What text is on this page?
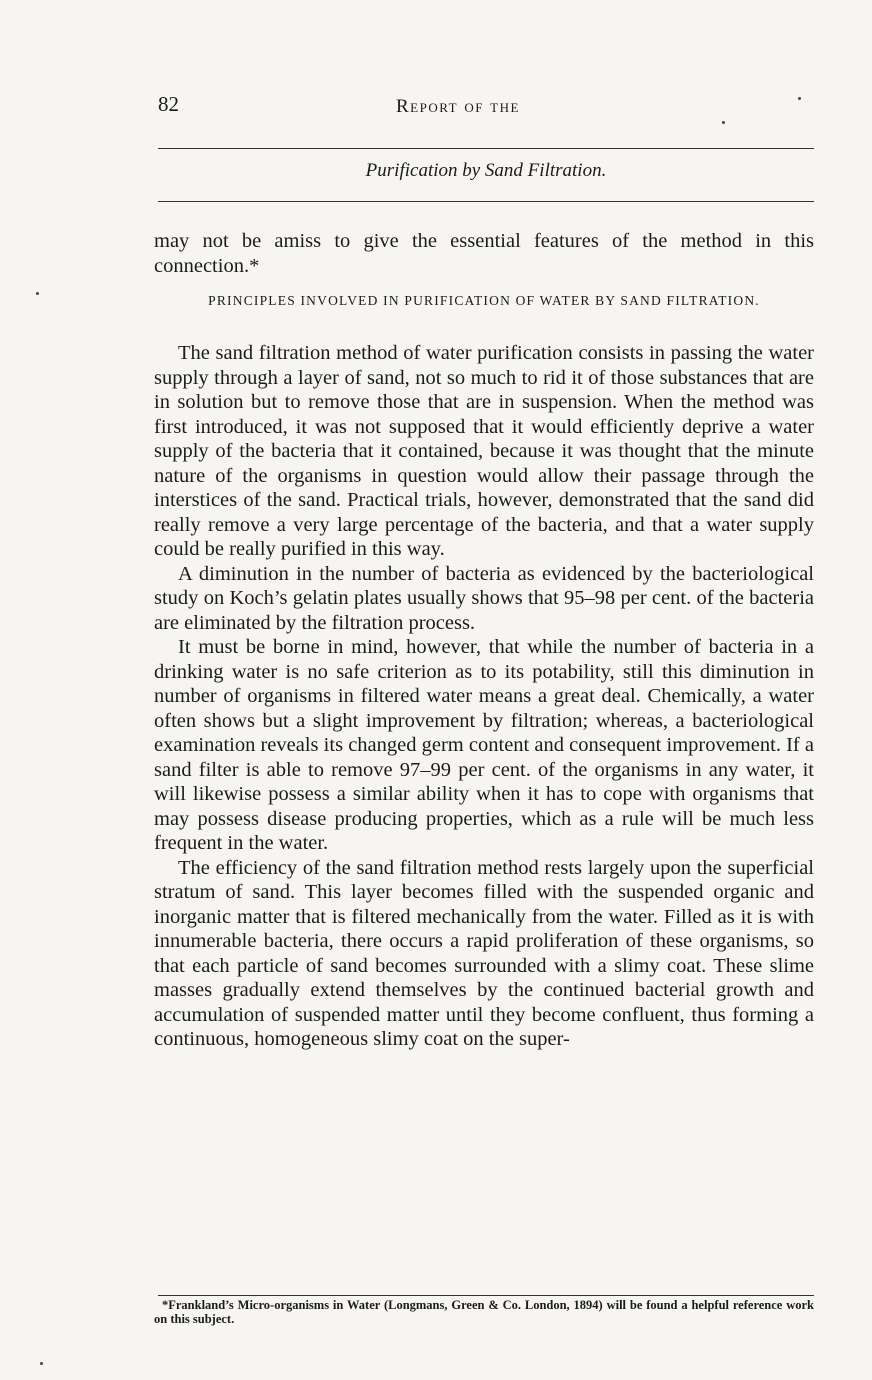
82	Report of the
Purification by Sand Filtration.

may not be amiss to give the essential features of the method in this connection.*

PRINCIPLES INVOLVED IN PURIFICATION OF WATER BY SAND FILTRATION.

The sand filtration method of water purification consists in passing the water supply through a layer of sand, not so much to rid it of those substances that are in solution but to remove those that are in suspension. When the method was first introduced, it was not supposed that it would efficiently deprive a water supply of the bacteria that it contained, because it was thought that the minute nature of the organisms in question would allow their passage through the interstices of the sand. Practical trials, however, demonstrated that the sand did really remove a very large percentage of the bacteria, and that a water supply could be really purified in this way.

A diminution in the number of bacteria as evidenced by the bacteriological study on Koch’s gelatin plates usually shows that 95–98 per cent. of the bacteria are eliminated by the filtration process.

It must be borne in mind, however, that while the number of bacteria in a drinking water is no safe criterion as to its potability, still this diminution in number of organisms in filtered water means a great deal. Chemically, a water often shows but a slight improvement by filtration; whereas, a bacteriological examination reveals its changed germ content and consequent improvement. If a sand filter is able to remove 97–99 per cent. of the organisms in any water, it will likewise possess a similar ability when it has to cope with organisms that may possess disease producing properties, which as a rule will be much less frequent in the water.

The efficiency of the sand filtration method rests largely upon the superficial stratum of sand. This layer becomes filled with the suspended organic and inorganic matter that is filtered mechanically from the water. Filled as it is with innumerable bacteria, there occurs a rapid proliferation of these organisms, so that each particle of sand becomes surrounded with a slimy coat. These slime masses gradually extend themselves by the continued bacterial growth and accumulation of suspended matter until they become confluent, thus forming a continuous, homogeneous slimy coat on the super-

*Frankland’s Micro-organisms in Water (Longmans, Green & Co. London, 1894) will be found a helpful reference work on this subject.
